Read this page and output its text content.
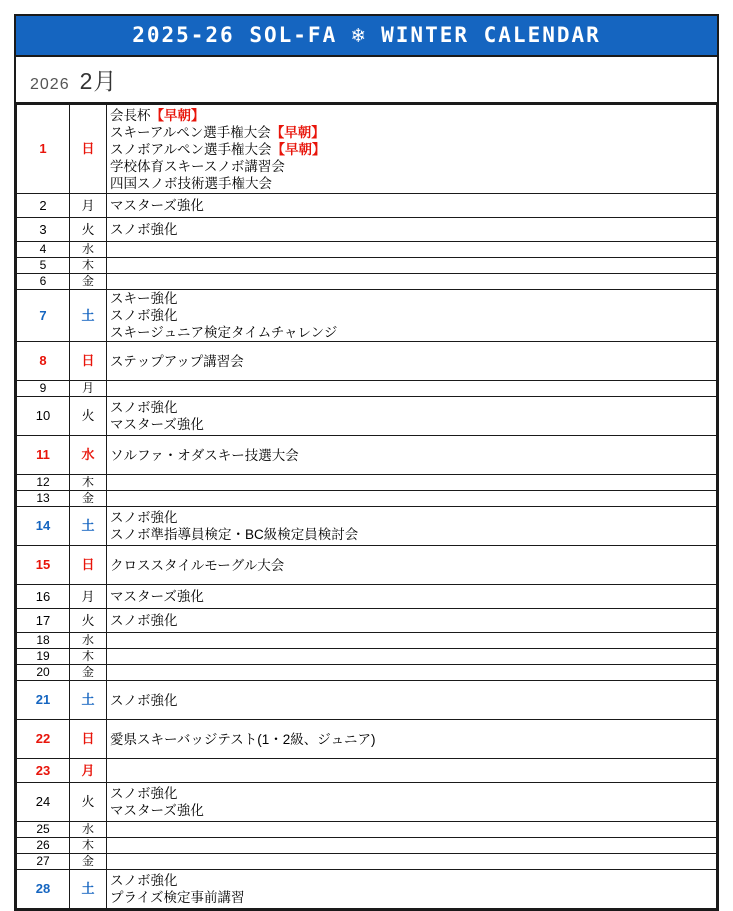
2025-26 SOL-FA ❄ WINTER CALENDAR
2026 2月
1	日	会長杯【早朝】
スキーアルペン選手権大会【早朝】
スノボアルペン選手権大会【早朝】
学校体育スキースノボ講習会
四国スノボ技術選手権大会

2	月	マスターズ強化

3	火	スノボ強化

4	水	
5	木	
6	金	
7	土	スキー強化
スノボ強化
スキージュニア検定タイムチャレンジ

8	日	ステップアップ講習会

9	月	
10	火	スノボ強化
マスターズ強化

11	水	ソルファ・オダスキー技選大会

12	木	
13	金	
14	土	スノボ強化
スノボ準指導員検定・BC級検定員検討会

15	日	クロススタイルモーグル大会

16	月	マスターズ強化

17	火	スノボ強化

18	水	
19	木	
20	金	
21	土	スノボ強化

22	日	愛県スキーバッジテスト(1・2級、ジュニア)

23	月	
24	火	スノボ強化
マスターズ強化

25	水	
26	木	
27	金	
28	土	スノボ強化
プライズ検定事前講習
